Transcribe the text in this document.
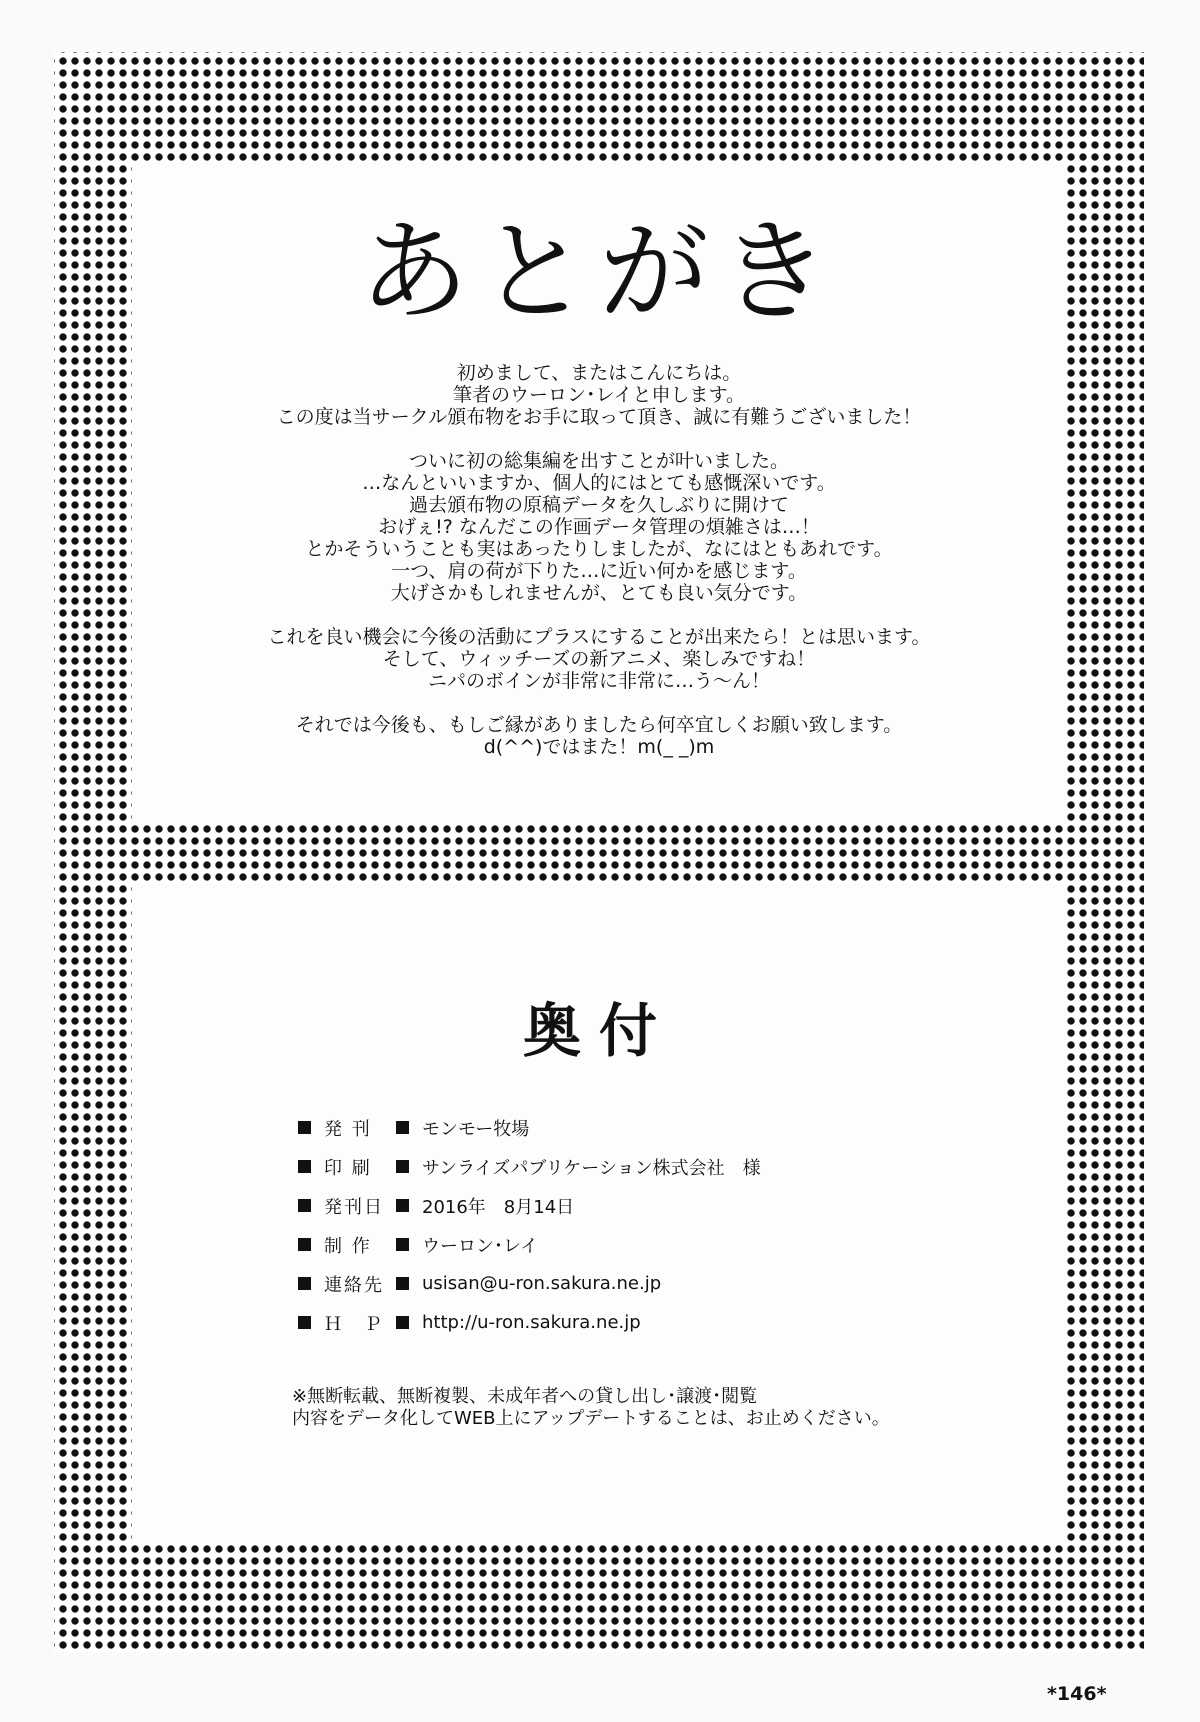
あとがき

初めまして、またはこんにちは。

筆者のウーロン･レイと申します。

この度は当サークル頒布物をお手に取って頂き、誠に有難うございました！

ついに初の総集編を出すことが叶いました。

…なんといいますか、個人的にはとても感慨深いです。

過去頒布物の原稿データを久しぶりに開けて

おげぇ!? なんだこの作画データ管理の煩雑さは…！

とかそういうことも実はあったりしましたが、なにはともあれです。

一つ、肩の荷が下りた…に近い何かを感じます。

大げさかもしれませんが、とても良い気分です。

これを良い機会に今後の活動にプラスにすることが出来たら！とは思います。

そして、ウィッチーズの新アニメ、楽しみですね！

ニパのボインが非常に非常に…う～ん！

それでは今後も、もしご縁がありましたら何卒宜しくお願い致します。

d(^^)ではまた！m(_ _)m

奥付
発 刊	モンモー牧場
印 刷	サンライズパブリケーション株式会社　様
発刊日 2016年　8月14日
制 作	ウーロン･レイ
連絡先 usisan@u-ron.sakura.ne.jp
Ｈ　Ｐ http://u-ron.sakura.ne.jp

※無断転載、無断複製、未成年者への貸し出し･譲渡･閲覧

内容をデータ化してWEB上にアップデートすることは、お止めください。

*146*
